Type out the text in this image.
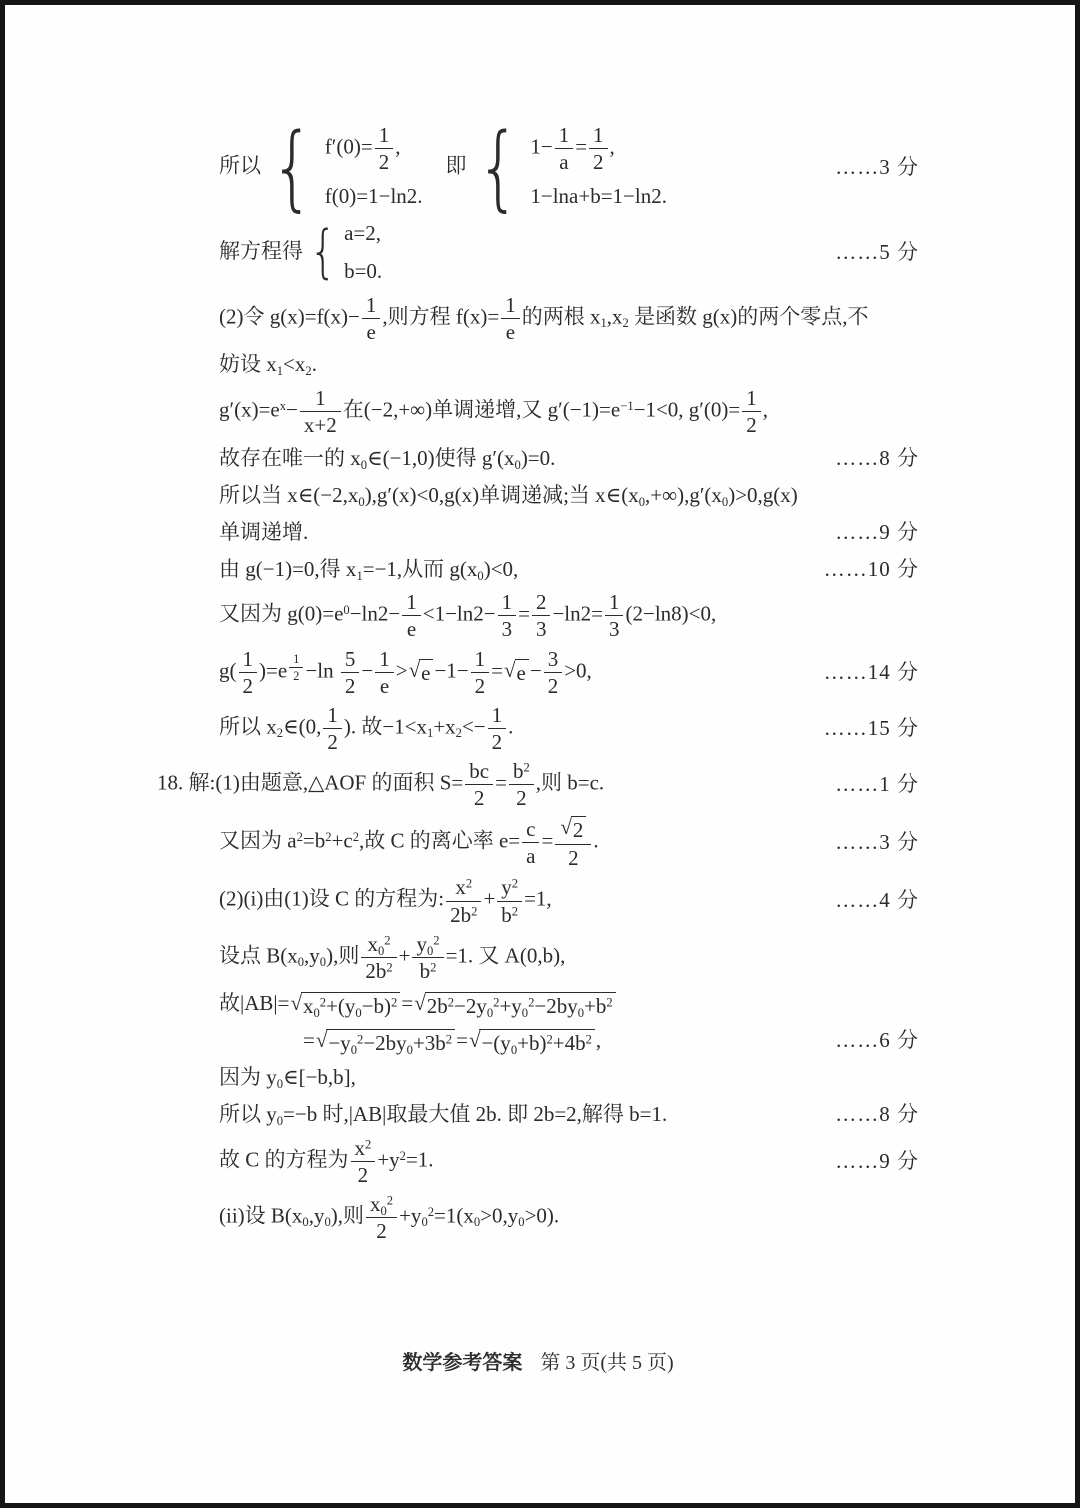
所以 { $f'(0)= \frac{1}{2}$ ,
f(0)=1−ln2.
　即 { $1- \frac{1}{a} = \frac{1}{2}$ ,
1−lna+b=1−ln2.
……3 分
解方程得 { a=2,
b=0.
……5 分
(2)令 $g(x)=f(x)- \frac{1}{e}$ ,则方程 $f(x)= \frac{1}{e}$ 的两根 x1,x2 是函数 g(x)的两个零点,不
妨设 x1<x2.
$g'(x)=e^x- \frac{1}{x+2}$ 在(−2,+∞)单调递增,又 $g'(-1)=e^{-1}-1<0$, $g'(0)= \frac{1}{2}$ ,
故存在唯一的 x0∈(−1,0)使得 g′(x0)=0.	……8 分
所以当 x∈(−2,x0),g′(x)<0,g(x)单调递减;当 x∈(x0,+∞),g′(x0)>0,g(x)
单调递增.	……9 分
由 g(−1)=0,得 x1=−1,从而 g(x0)<0,	……10 分
又因为 $g(0)=e^0-\ln 2- \frac{1}{e} <1-\ln 2- \frac{1}{3} = \frac{2}{3} -\ln 2= \frac{1}{3} (2-\ln 8)<0$,
$g( \frac{1}{2} )=e$ $^{\frac{1}{2}} -\ln \frac{5}{2} - \frac{1}{e}$ > √ $e -1- \frac{1}{2}$ = √ $e - \frac{3}{2} >0$,	……14 分
所以 x2∈(0, $\frac{1}{2}$ ). 故$-1<x1+x2<- \frac{1}{2}$ .	……15 分
18. 解:(1)由题意,△AOF 的面积 $S= \frac{bc}{2} = \frac{b^2}{2}$ ,则 b=c.	……1 分
又因为 $a^2=b^2+c^2$,故 C 的离心率 $e= \frac{c}{a} = \frac{√ 2}{2}$ .	……3 分
(2)(i)由(1)设 C 的方程为: $\frac{x^2}{2b^2} + \frac{y^2}{b^2} =1$,	……4 分
设点 B(x0,y0),则 $\frac{x0^2}{2b^2} + \frac{y0^2}{b^2} =1$. 又 A(0,b),
故|AB|= √ $x0^2+(y0-b)^2$ = √ $2b^2-2y0^2+y0^2-2by0+b^2$
= √ $-y0^2-2by0+3b^2$ = √ $-(y0+b)^2+4b^2$ ,	……6 分
因为 y0∈[−b,b],
所以 y0=−b 时,|AB|取最大值 2b. 即 2b=2,解得 b=1.	……8 分
故 C 的方程为 $\frac{x^2}{2} +y^2=1$.	……9 分
(ii)设 B(x0,y0),则 $\frac{x0^2}{2} +y0^2=1(x0>0,y0>0)$.
数学参考答案 第 3 页(共 5 页)
